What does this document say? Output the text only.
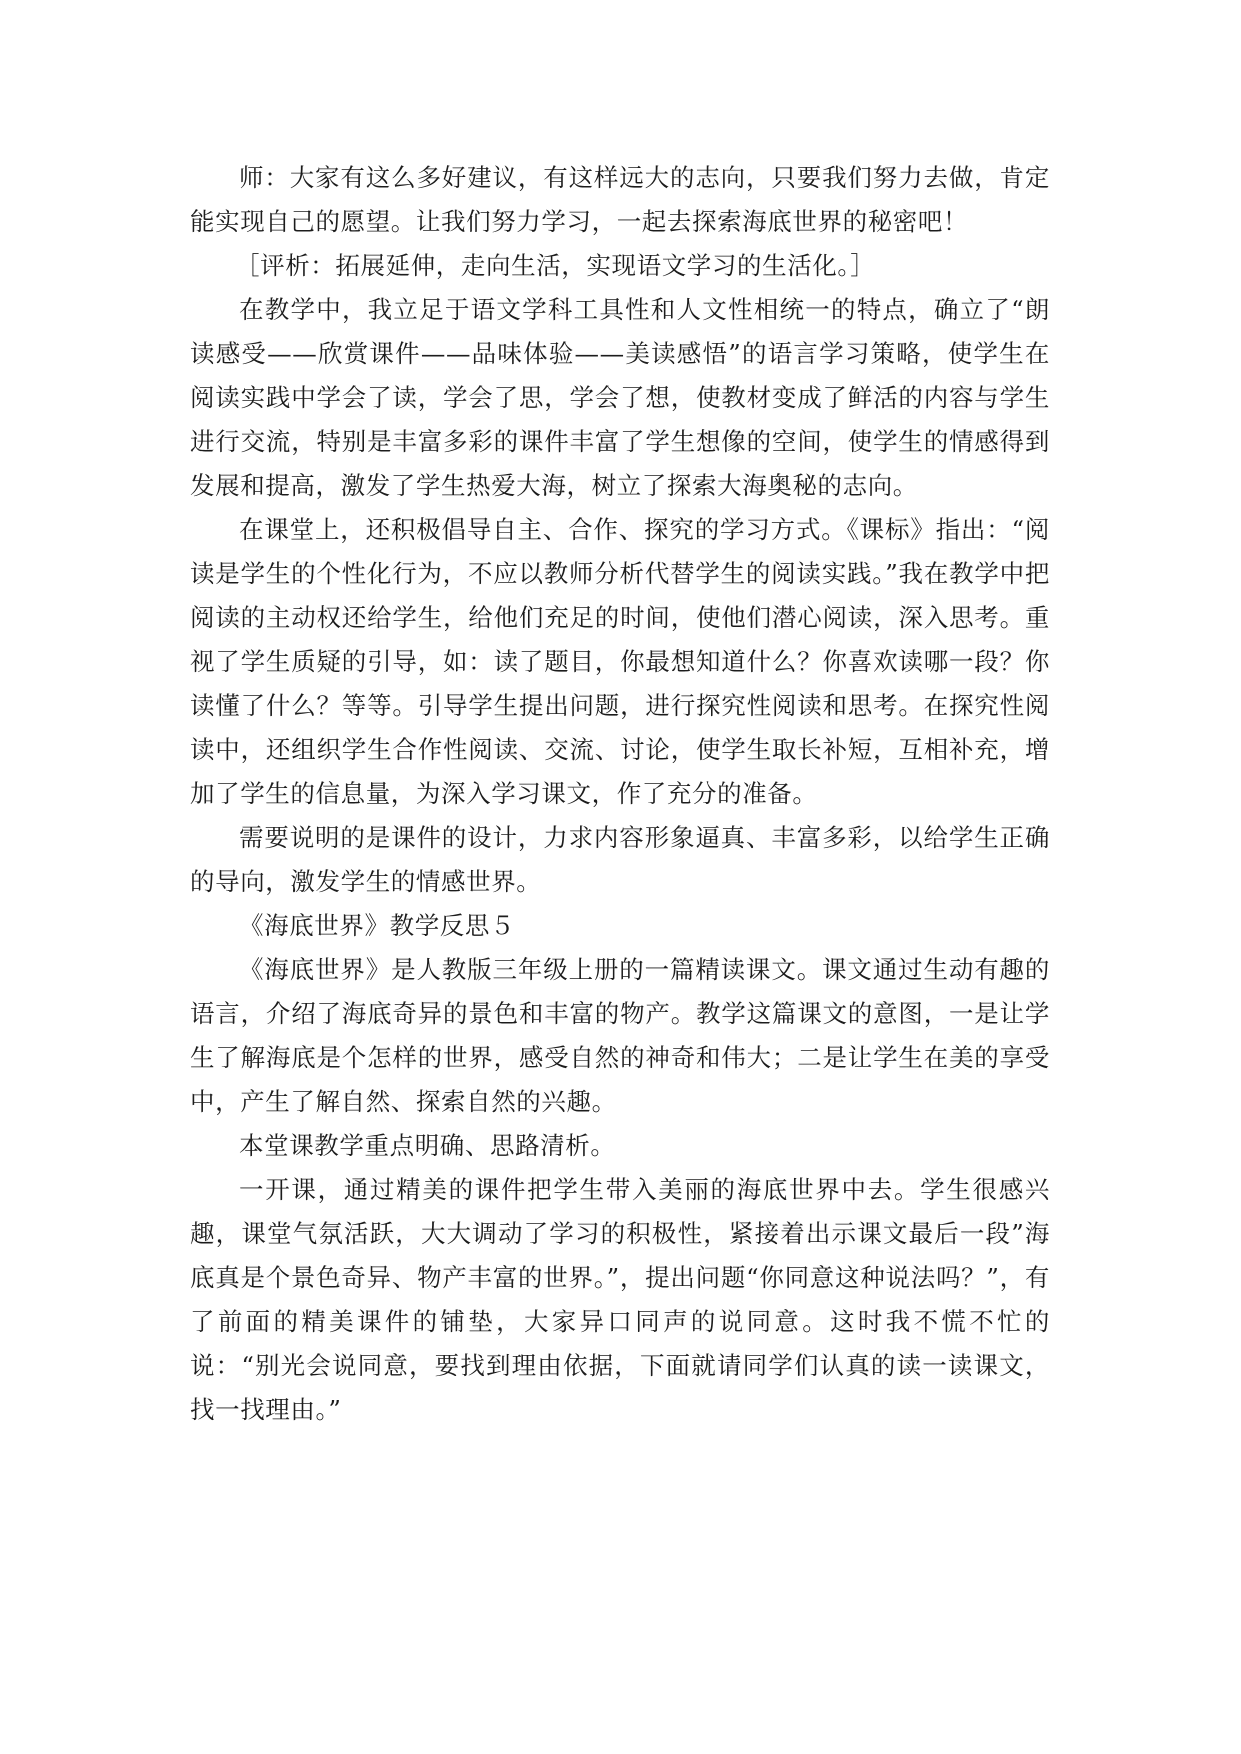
师：大家有这么多好建议，有这样远大的志向，只要我们努力去做，肯定能实现自己的愿望。让我们努力学习，一起去探索海底世界的秘密吧！

［评析：拓展延伸，走向生活，实现语文学习的生活化。］

在教学中，我立足于语文学科工具性和人文性相统一的特点，确立了“朗读感受——欣赏课件——品味体验——美读感悟”的语言学习策略，使学生在阅读实践中学会了读，学会了思，学会了想，使教材变成了鲜活的内容与学生进行交流，特别是丰富多彩的课件丰富了学生想像的空间，使学生的情感得到发展和提高，激发了学生热爱大海，树立了探索大海奥秘的志向。

在课堂上，还积极倡导自主、合作、探究的学习方式。《课标》指出：“阅读是学生的个性化行为，不应以教师分析代替学生的阅读实践。”我在教学中把阅读的主动权还给学生，给他们充足的时间，使他们潜心阅读，深入思考。重视了学生质疑的引导，如：读了题目，你最想知道什么？你喜欢读哪一段？你读懂了什么？等等。引导学生提出问题，进行探究性阅读和思考。在探究性阅读中，还组织学生合作性阅读、交流、讨论，使学生取长补短，互相补充，增加了学生的信息量，为深入学习课文，作了充分的准备。

需要说明的是课件的设计，力求内容形象逼真、丰富多彩，以给学生正确的导向，激发学生的情感世界。

《海底世界》教学反思５

《海底世界》是人教版三年级上册的一篇精读课文。课文通过生动有趣的语言，介绍了海底奇异的景色和丰富的物产。教学这篇课文的意图，一是让学生了解海底是个怎样的世界，感受自然的神奇和伟大；二是让学生在美的享受中，产生了解自然、探索自然的兴趣。

本堂课教学重点明确、思路清析。

一开课，通过精美的课件把学生带入美丽的海底世界中去。学生很感兴趣，课堂气氛活跃，大大调动了学习的积极性，紧接着出示课文最后一段”海底真是个景色奇异、物产丰富的世界。”，提出问题“你同意这种说法吗？”，有了前面的精美课件的铺垫，大家异口同声的说同意。这时我不慌不忙的说：“别光会说同意，要找到理由依据，下面就请同学们认真的读一读课文，找一找理由。”
